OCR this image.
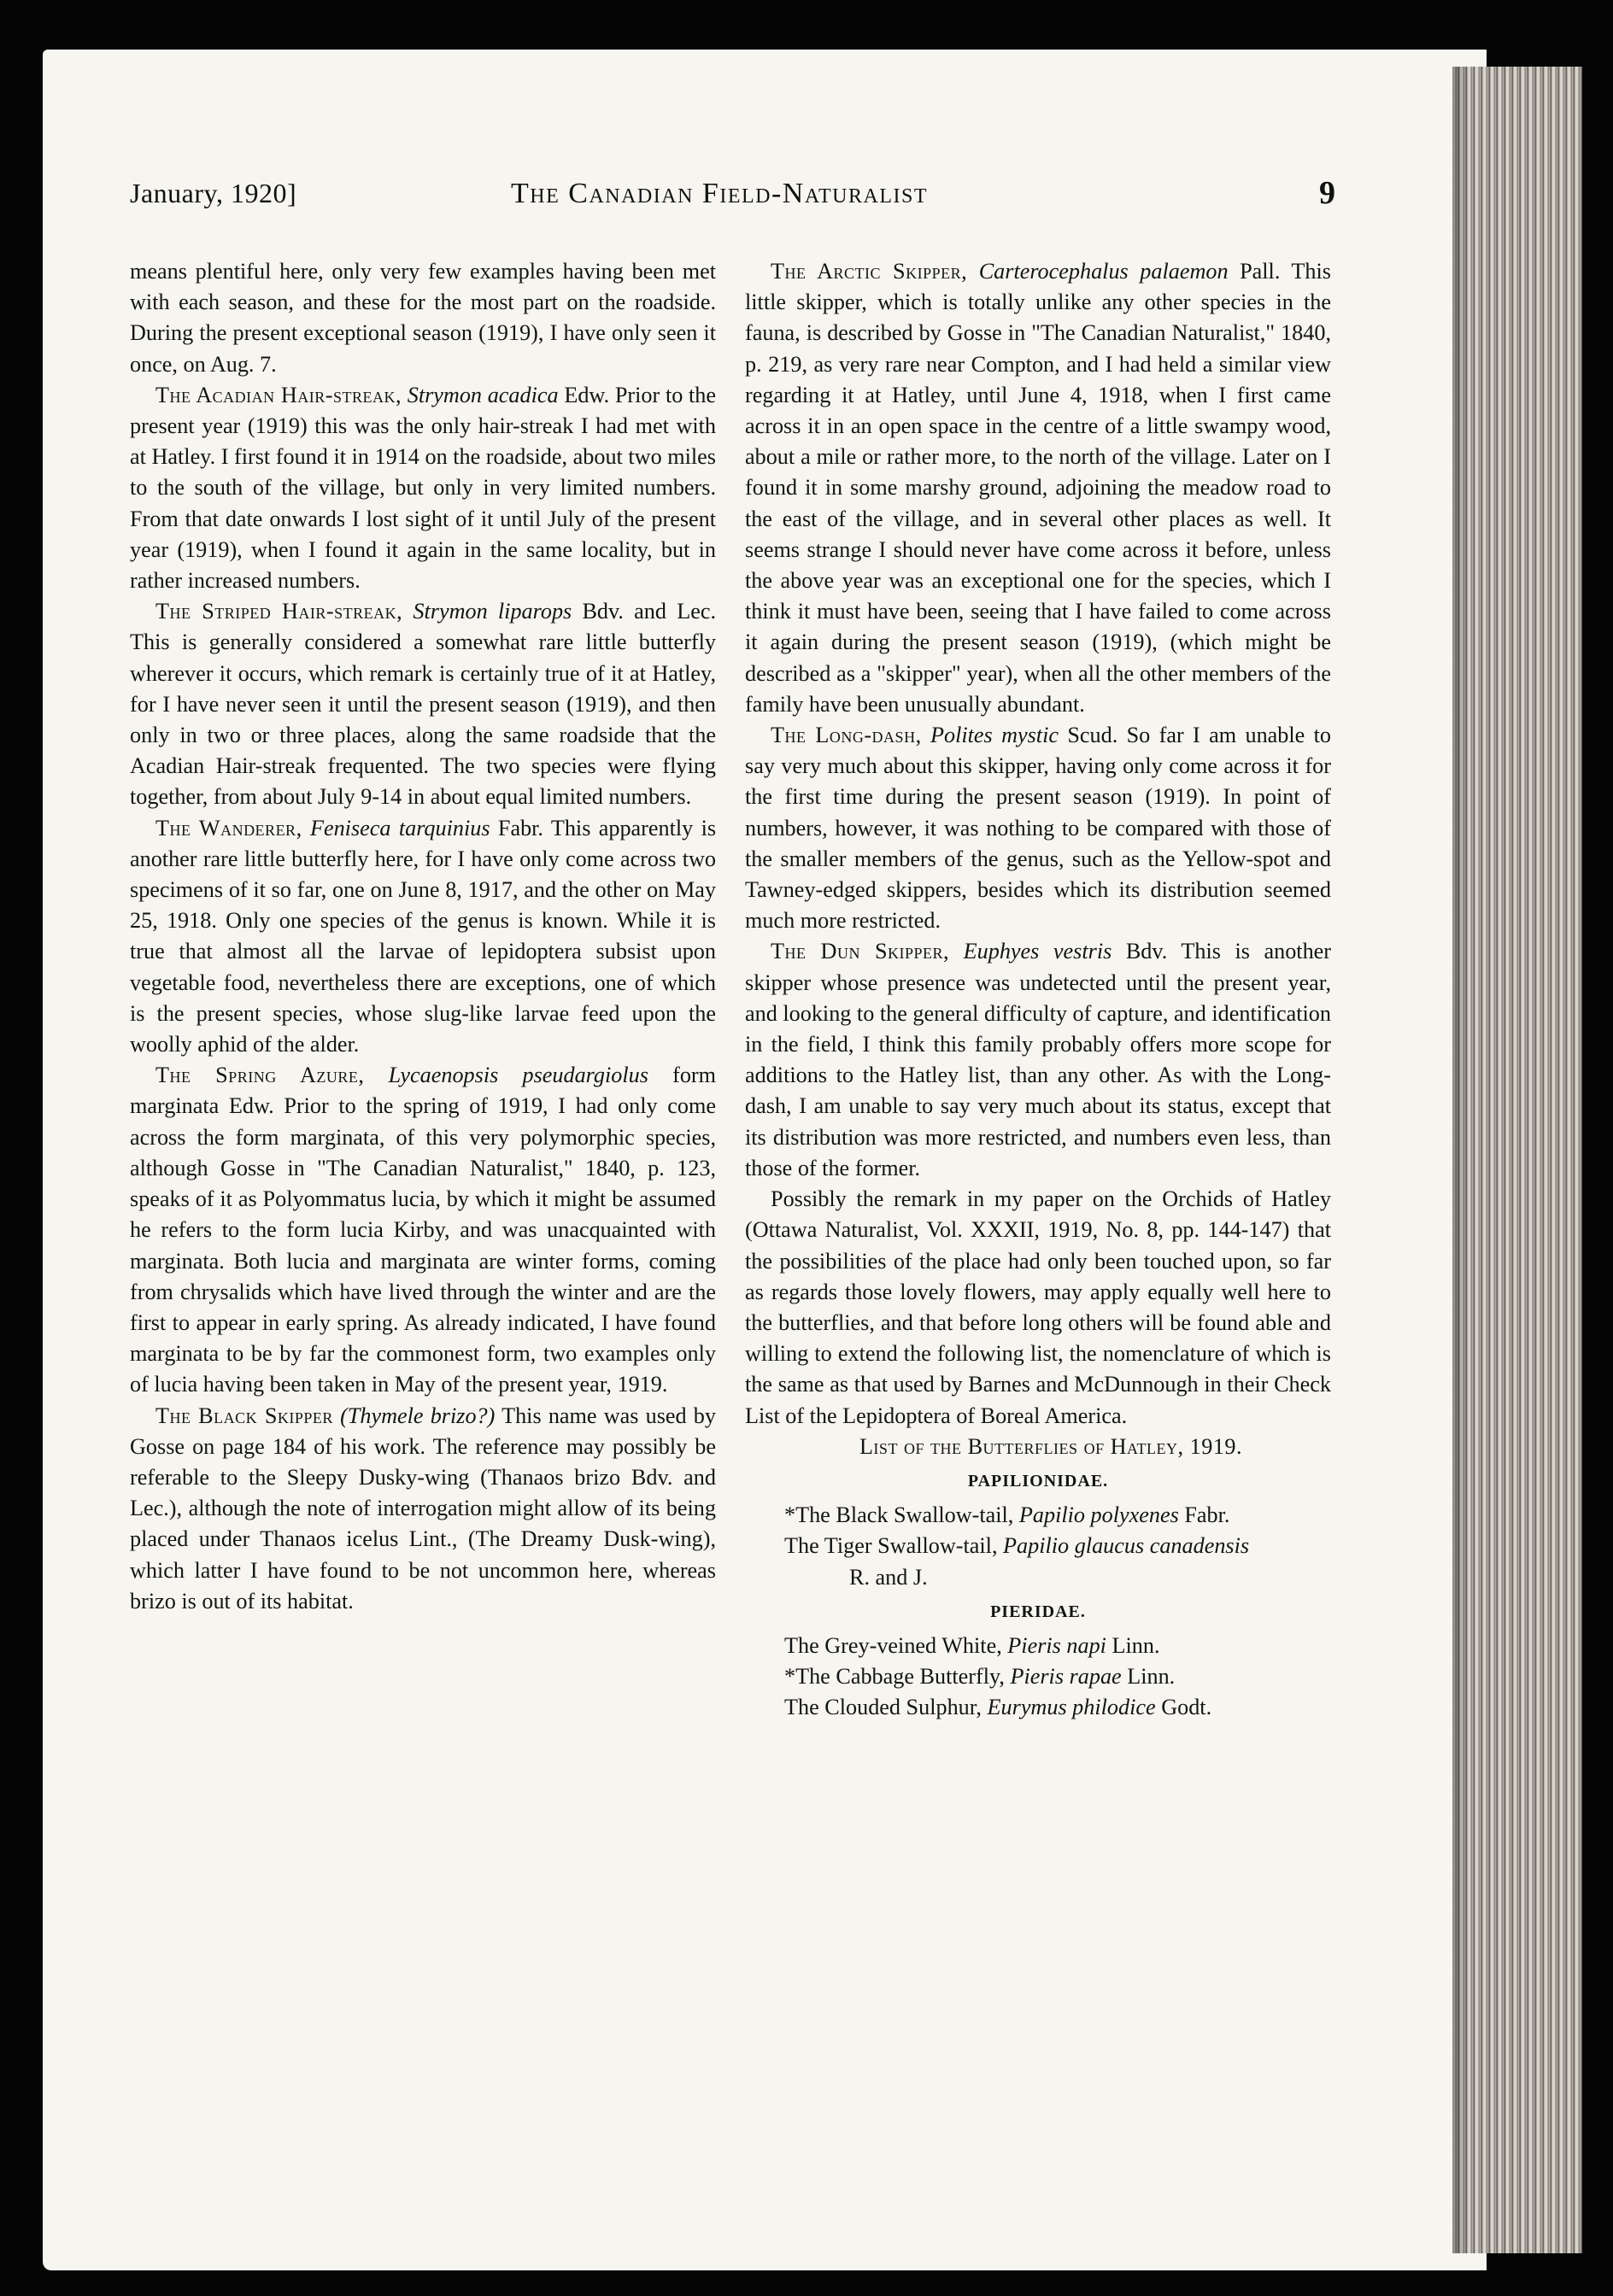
January, 1920]	The Canadian Field-Naturalist	9

means plentiful here, only very few examples having been met with each season, and these for the most part on the roadside. During the present exceptional season (1919), I have only seen it once, on Aug. 7.

The Acadian Hair-streak, Strymon acadica Edw. Prior to the present year (1919) this was the only hair-streak I had met with at Hatley. I first found it in 1914 on the roadside, about two miles to the south of the village, but only in very limited numbers. From that date onwards I lost sight of it until July of the present year (1919), when I found it again in the same locality, but in rather increased numbers.

The Striped Hair-streak, Strymon liparops Bdv. and Lec. This is generally considered a somewhat rare little butterfly wherever it occurs, which remark is certainly true of it at Hatley, for I have never seen it until the present season (1919), and then only in two or three places, along the same roadside that the Acadian Hair-streak frequented. The two species were flying together, from about July 9-14 in about equal limited numbers.

The Wanderer, Feniseca tarquinius Fabr. This apparently is another rare little butterfly here, for I have only come across two specimens of it so far, one on June 8, 1917, and the other on May 25, 1918. Only one species of the genus is known. While it is true that almost all the larvae of lepidoptera subsist upon vegetable food, nevertheless there are exceptions, one of which is the present species, whose slug-like larvae feed upon the woolly aphid of the alder.

The Spring Azure, Lycaenopsis pseudargiolus form marginata Edw. Prior to the spring of 1919, I had only come across the form marginata, of this very polymorphic species, although Gosse in "The Canadian Naturalist," 1840, p. 123, speaks of it as Polyommatus lucia, by which it might be assumed he refers to the form lucia Kirby, and was unacquainted with marginata. Both lucia and marginata are winter forms, coming from chrysalids which have lived through the winter and are the first to appear in early spring. As already indicated, I have found marginata to be by far the commonest form, two examples only of lucia having been taken in May of the present year, 1919.

The Black Skipper (Thymele brizo?) This name was used by Gosse on page 184 of his work. The reference may possibly be referable to the Sleepy Dusky-wing (Thanaos brizo Bdv. and Lec.), although the note of interrogation might allow of its being placed under Thanaos icelus Lint., (The Dreamy Dusk-wing), which latter I have found to be not uncommon here, whereas brizo is out of its habitat.

The Arctic Skipper, Carterocephalus palaemon Pall. This little skipper, which is totally unlike any other species in the fauna, is described by Gosse in "The Canadian Naturalist," 1840, p. 219, as very rare near Compton, and I had held a similar view regarding it at Hatley, until June 4, 1918, when I first came across it in an open space in the centre of a little swampy wood, about a mile or rather more, to the north of the village. Later on I found it in some marshy ground, adjoining the meadow road to the east of the village, and in several other places as well. It seems strange I should never have come across it before, unless the above year was an exceptional one for the species, which I think it must have been, seeing that I have failed to come across it again during the present season (1919), (which might be described as a "skipper" year), when all the other members of the family have been unusually abundant.

The Long-dash, Polites mystic Scud. So far I am unable to say very much about this skipper, having only come across it for the first time during the present season (1919). In point of numbers, however, it was nothing to be compared with those of the smaller members of the genus, such as the Yellow-spot and Tawney-edged skippers, besides which its distribution seemed much more restricted.

The Dun Skipper, Euphyes vestris Bdv. This is another skipper whose presence was undetected until the present year, and looking to the general difficulty of capture, and identification in the field, I think this family probably offers more scope for additions to the Hatley list, than any other. As with the Long-dash, I am unable to say very much about its status, except that its distribution was more restricted, and numbers even less, than those of the former.

Possibly the remark in my paper on the Orchids of Hatley (Ottawa Naturalist, Vol. XXXII, 1919, No. 8, pp. 144-147) that the possibilities of the place had only been touched upon, so far as regards those lovely flowers, may apply equally well here to the butterflies, and that before long others will be found able and willing to extend the following list, the nomenclature of which is the same as that used by Barnes and McDunnough in their Check List of the Lepidoptera of Boreal America.

List of the Butterflies of Hatley, 1919.

PAPILIONIDAE.

*The Black Swallow-tail, Papilio polyxenes Fabr.

The Tiger Swallow-tail, Papilio glaucus canadensis

R. and J.

PIERIDAE.

The Grey-veined White, Pieris napi Linn.

*The Cabbage Butterfly, Pieris rapae Linn.

The Clouded Sulphur, Eurymus philodice Godt.
